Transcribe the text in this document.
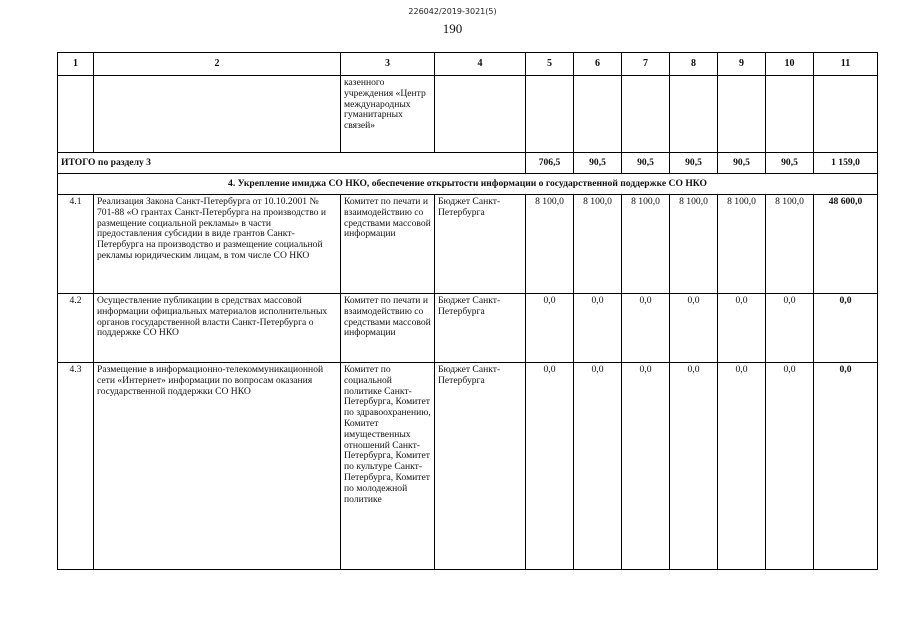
226042/2019-3021(5)
190
1	2	3	4	5	6	7	8	9	10	11
		казенного учреждения «Центр международных гуманитарных связей»								
ИТОГО по разделу 3				706,5	90,5	90,5	90,5	90,5	90,5	1 159,0
4. Укрепление имиджа СО НКО, обеспечение открытости информации о государственной поддержке СО НКО										
4.1	Реализация Закона Санкт-Петербурга от 10.10.2001 № 701-88 «О грантах Санкт-Петербурга на производство и размещение социальной рекламы» в части предоставления субсидии в виде грантов Санкт-Петербурга на производство и размещение социальной рекламы юридическим лицам, в том числе СО НКО	Комитет по печати и взаимодействию со средствами массовой информации	Бюджет Санкт-Петербурга	8 100,0	8 100,0	8 100,0	8 100,0	8 100,0	8 100,0	48 600,0
4.2	Осуществление публикации в средствах массовой информации официальных материалов исполнительных органов государственной власти Санкт-Петербурга о поддержке СО НКО	Комитет по печати и взаимодействию со средствами массовой информации	Бюджет Санкт-Петербурга	0,0	0,0	0,0	0,0	0,0	0,0	0,0
4.3	Размещение в информационно-телекоммуникационной сети «Интернет» информации по вопросам оказания государственной поддержки СО НКО	Комитет по социальной политике Санкт-Петербурга, Комитет по здравоохранению, Комитет имущественных отношений Санкт-Петербурга, Комитет по культуре Санкт-Петербурга, Комитет по молодежной политике	Бюджет Санкт-Петербурга	0,0	0,0	0,0	0,0	0,0	0,0	0,0
